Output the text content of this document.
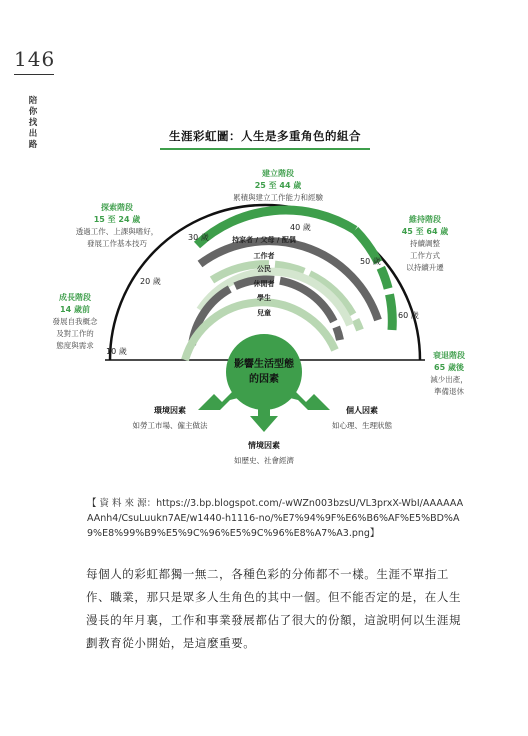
146
陪你找出路
生涯彩虹圖：人生是多重角色的組合
建立階段
25 至 44 歲
累積與建立工作能力和經驗
探索階段
15 至 24 歲
透過工作、上課與嗜好，
發展工作基本技巧
維持階段
45 至 64 歲
持續調整
工作方式
以持續升遷
成長階段
14 歲前
發展自我概念
及對工作的
態度與需求
衰退階段
65 歲後
減少出產，
準備退休
10 歲
20 歲
30 歲
40 歲
50 歲
60 歲
持家者 / 父母 / 配偶
工作者
公民
休閒者
學生
兒童
影響生活型態
的因素
環境因素
如勞工市場、僱主做法
個人因素
如心理、生理狀態
情境因素
如歷史、社會經濟
【 資 料 來 源：https://3.bp.blogspot.com/-wWZn003bzsU/VL3prxX-WbI/AAAAAAAAnh4/CsuLuukn7AE/w1440-h1116-no/%E7%94%9F%E6%B6%AF%E5%BD%A9%E8%99%B9%E5%9C%96%E5%9C%96%E8%A7%A3.png】
每個人的彩虹都獨一無二，各種色彩的分佈都不一樣。生涯不單指工作、職業，那只是眾多人生角色的其中一個。但不能否定的是，在人生漫長的年月裏，工作和事業發展都佔了很大的份額，這說明何以生涯規劃教育從小開始，是這麼重要。
